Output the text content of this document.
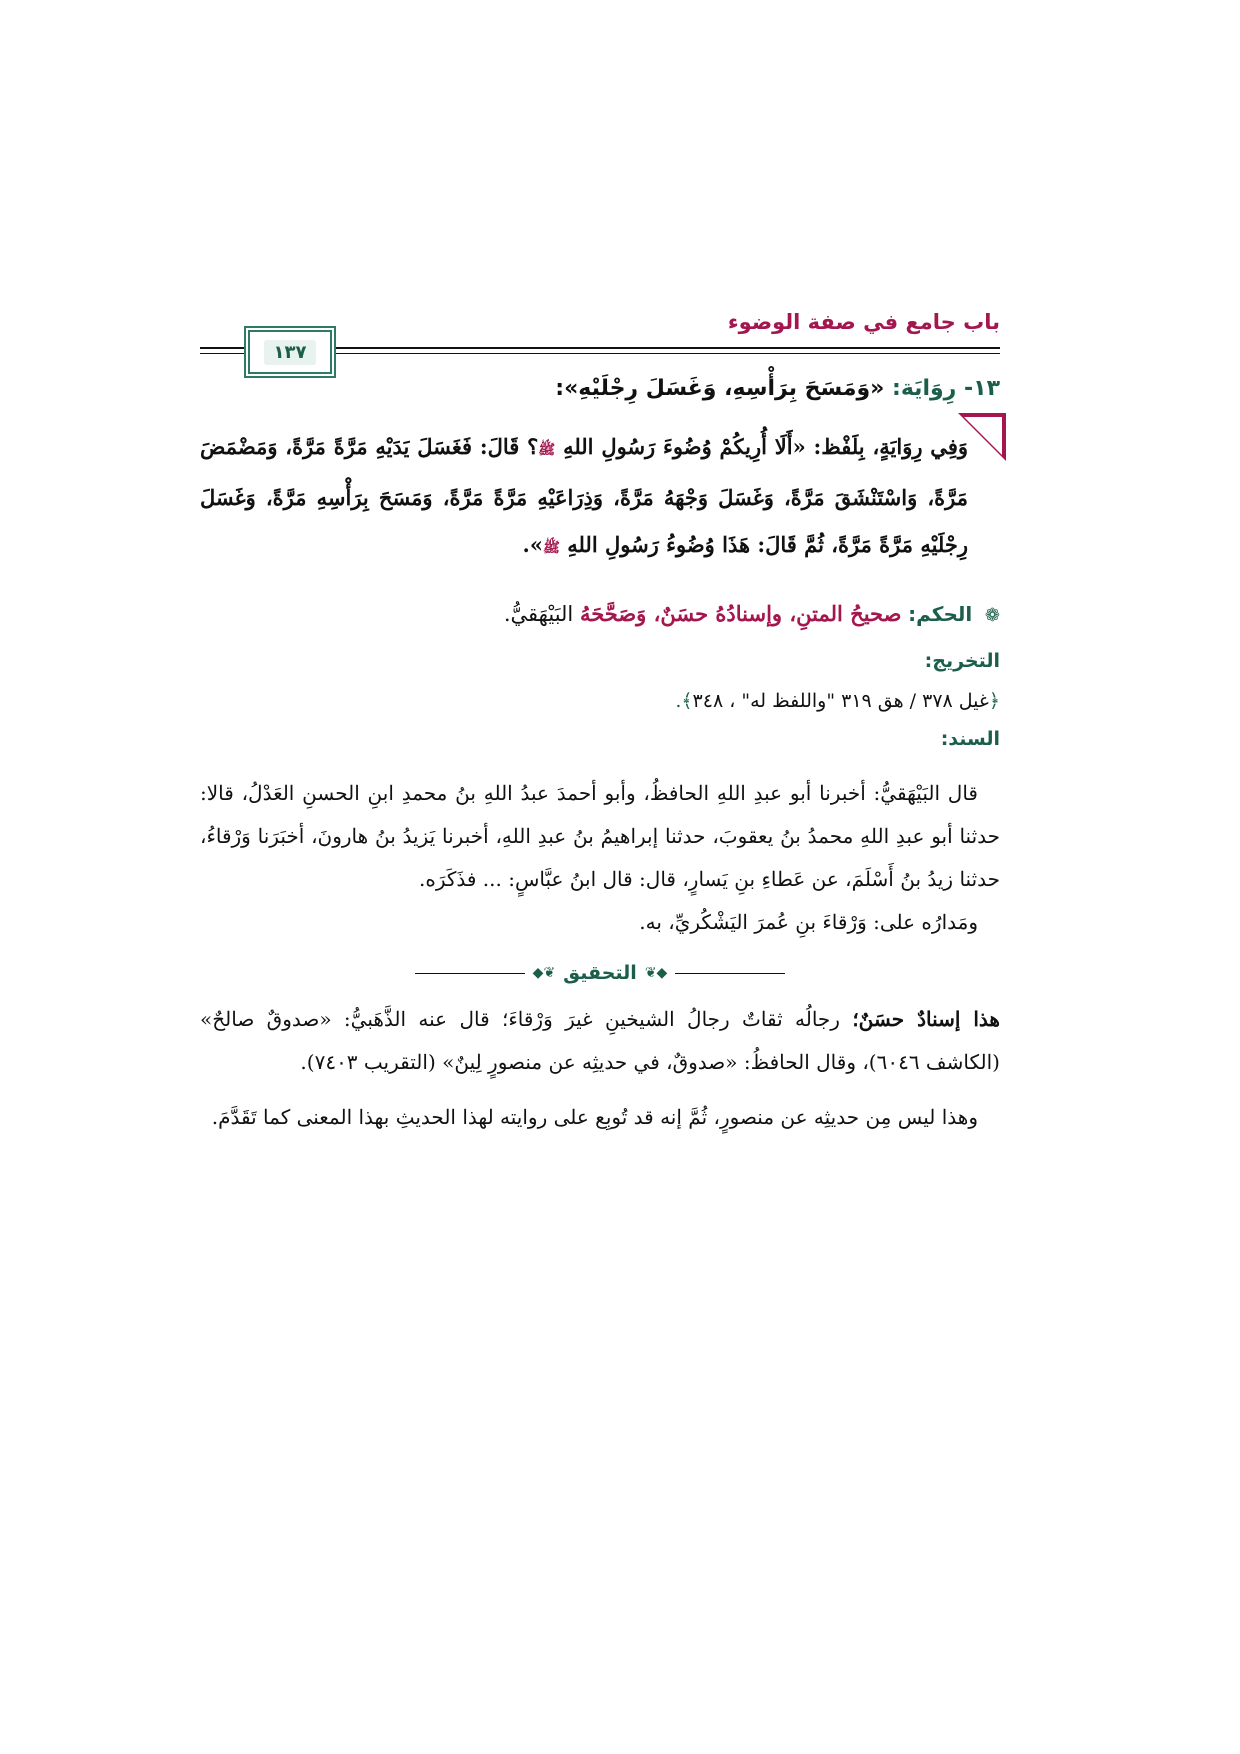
باب جامع في صفة الوضوء
١٣٧
١٣- رِوَايَة: «وَمَسَحَ بِرَأْسِهِ، وَغَسَلَ رِجْلَيْهِ»:
وَفِي رِوَايَةٍ، بِلَفْظ: «أَلَا أُرِيكُمْ وُضُوءَ رَسُولِ اللهِ ﷺ؟ قَالَ: فَغَسَلَ يَدَيْهِ مَرَّةً مَرَّةً، وَمَضْمَضَ مَرَّةً، وَاسْتَنْشَقَ مَرَّةً، وَغَسَلَ وَجْهَهُ مَرَّةً، وَذِرَاعَيْهِ مَرَّةً مَرَّةً، وَمَسَحَ بِرَأْسِهِ مَرَّةً، وَغَسَلَ رِجْلَيْهِ مَرَّةً مَرَّةً، ثُمَّ قَالَ: هَذَا وُضُوءُ رَسُولِ اللهِ ﷺ».
❁ الحكم: صحيحُ المتنِ، وإسنادُهُ حسَنٌ، وَصَحَّحَهُ البَيْهَقيُّ.
التخريج:
﴿غيل ٣٧٨ / هق ٣١٩ "واللفظ له" ، ٣٤٨﴾.
السند:
قال البَيْهَقيُّ: أخبرنا أبو عبدِ اللهِ الحافظُ، وأبو أحمدَ عبدُ اللهِ بنُ محمدِ ابنِ الحسنِ العَدْلُ، قالا: حدثنا أبو عبدِ اللهِ محمدُ بنُ يعقوبَ، حدثنا إبراهيمُ بنُ عبدِ اللهِ، أخبرنا يَزيدُ بنُ هارونَ، أخبَرَنا وَرْقاءُ، حدثنا زيدُ بنُ أَسْلَمَ، عن عَطاءِ بنِ يَسارٍ، قال: قال ابنُ عبَّاسٍ: ... فذَكَرَه.
ومَدارُه على: وَرْقاءَ بنِ عُمرَ اليَشْكُريِّ، به.
◆❦
التحقيق
❦◆
هذا إسنادٌ حسَنٌ؛ رجالُه ثقاتٌ رجالُ الشيخينِ غيرَ وَرْقاءَ؛ قال عنه الذَّهَبيُّ: «صدوقٌ صالحٌ» (الكاشف ٦٠٤٦)، وقال الحافظُ: «صدوقٌ، في حديثِه عن منصورٍ لِينٌ» (التقريب ٧٤٠٣).
وهذا ليس مِن حديثِه عن منصورٍ، ثُمَّ إنه قد تُوبِع على روايته لهذا الحديثِ بهذا المعنى كما تَقَدَّمَ.
